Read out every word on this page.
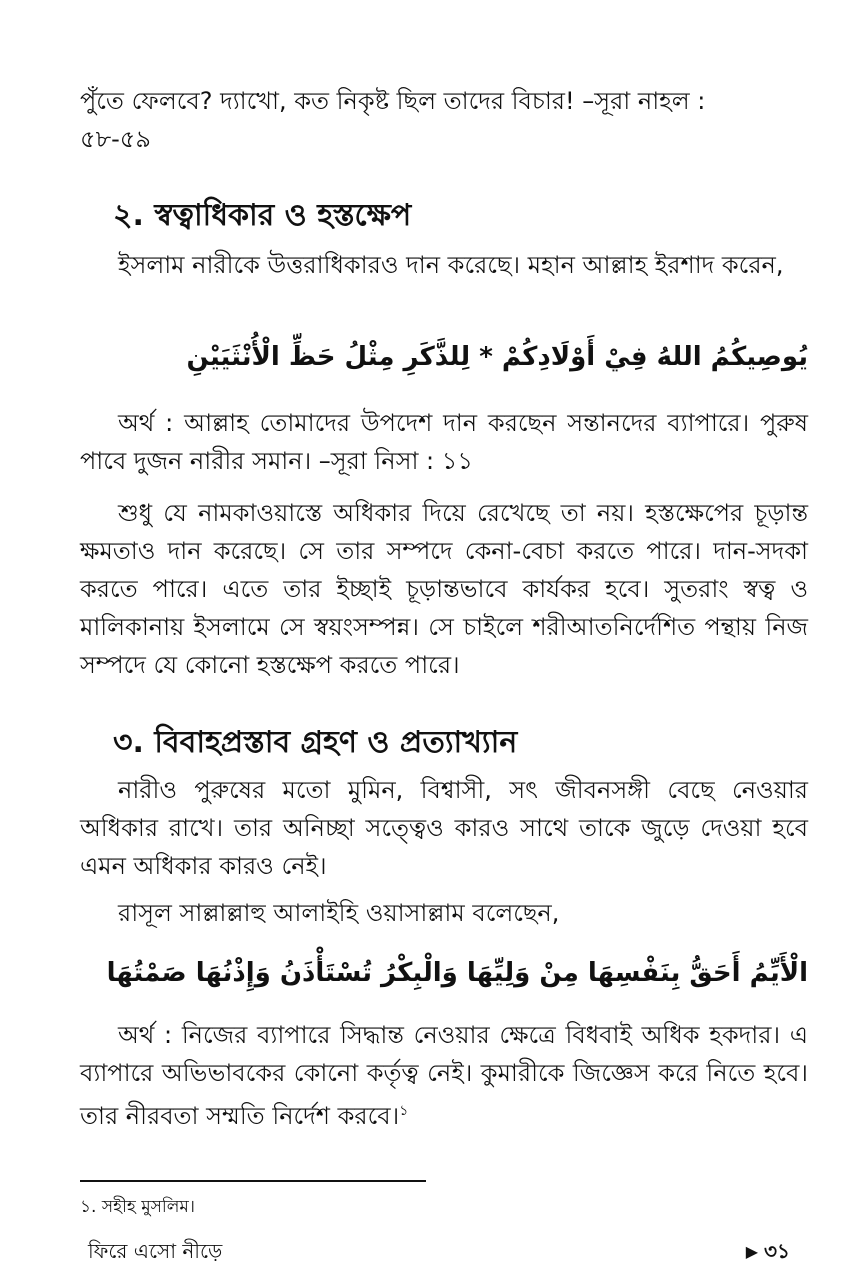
পুঁতে ফেলবে? দ্যাখো, কত নিকৃষ্ট ছিল তাদের বিচার! –সূরা নাহল :
৫৮-৫৯

২. স্বত্বাধিকার ও হস্তক্ষেপ

ইসলাম নারীকে উত্তরাধিকারও দান করেছে। মহান আল্লাহ ইরশাদ করেন,

يُوصِيكُمُ اللهُ فِيْ أَوْلَادِكُمْ * لِلذَّكَرِ مِثْلُ حَظِّ الْأُنْثَيَيْنِ

অর্থ : আল্লাহ তোমাদের উপদেশ দান করছেন সন্তানদের ব্যাপারে। পুরুষ পাবে দুজন নারীর সমান। –সূরা নিসা : ১১

শুধু যে নামকাওয়াস্তে অধিকার দিয়ে রেখেছে তা নয়। হস্তক্ষেপের চূড়ান্ত ক্ষমতাও দান করেছে। সে তার সম্পদে কেনা-বেচা করতে পারে। দান-সদকা করতে পারে। এতে তার ইচ্ছাই চূড়ান্তভাবে কার্যকর হবে। সুতরাং স্বত্ব ও মালিকানায় ইসলামে সে স্বয়ংসম্পন্ন। সে চাইলে শরীআতনির্দেশিত পন্থায় নিজ সম্পদে যে কোনো হস্তক্ষেপ করতে পারে।

৩. বিবাহপ্রস্তাব গ্রহণ ও প্রত্যাখ্যান

নারীও পুরুষের মতো মুমিন, বিশ্বাসী, সৎ জীবনসঙ্গী বেছে নেওয়ার অধিকার রাখে। তার অনিচ্ছা সত্ত্বেও কারও সাথে তাকে জুড়ে দেওয়া হবে এমন অধিকার কারও নেই।

রাসূল সাল্লাল্লাহু আলাইহি ওয়াসাল্লাম বলেছেন,

الْأَيِّمُ أَحَقُّ بِنَفْسِهَا مِنْ وَلِيِّهَا وَالْبِكْرُ تُسْتَأْذَنُ وَإِذْنُهَا صَمْتُهَا

অর্থ : নিজের ব্যাপারে সিদ্ধান্ত নেওয়ার ক্ষেত্রে বিধবাই অধিক হকদার। এ ব্যাপারে অভিভাবকের কোনো কর্তৃত্ব নেই। কুমারীকে জিজ্ঞেস করে নিতে হবে। তার নীরবতা সম্মতি নির্দেশ করবে।$^১$

১. সহীহ মুসলিম।

ফিরে এসো নীড়ে	▶ ৩১
